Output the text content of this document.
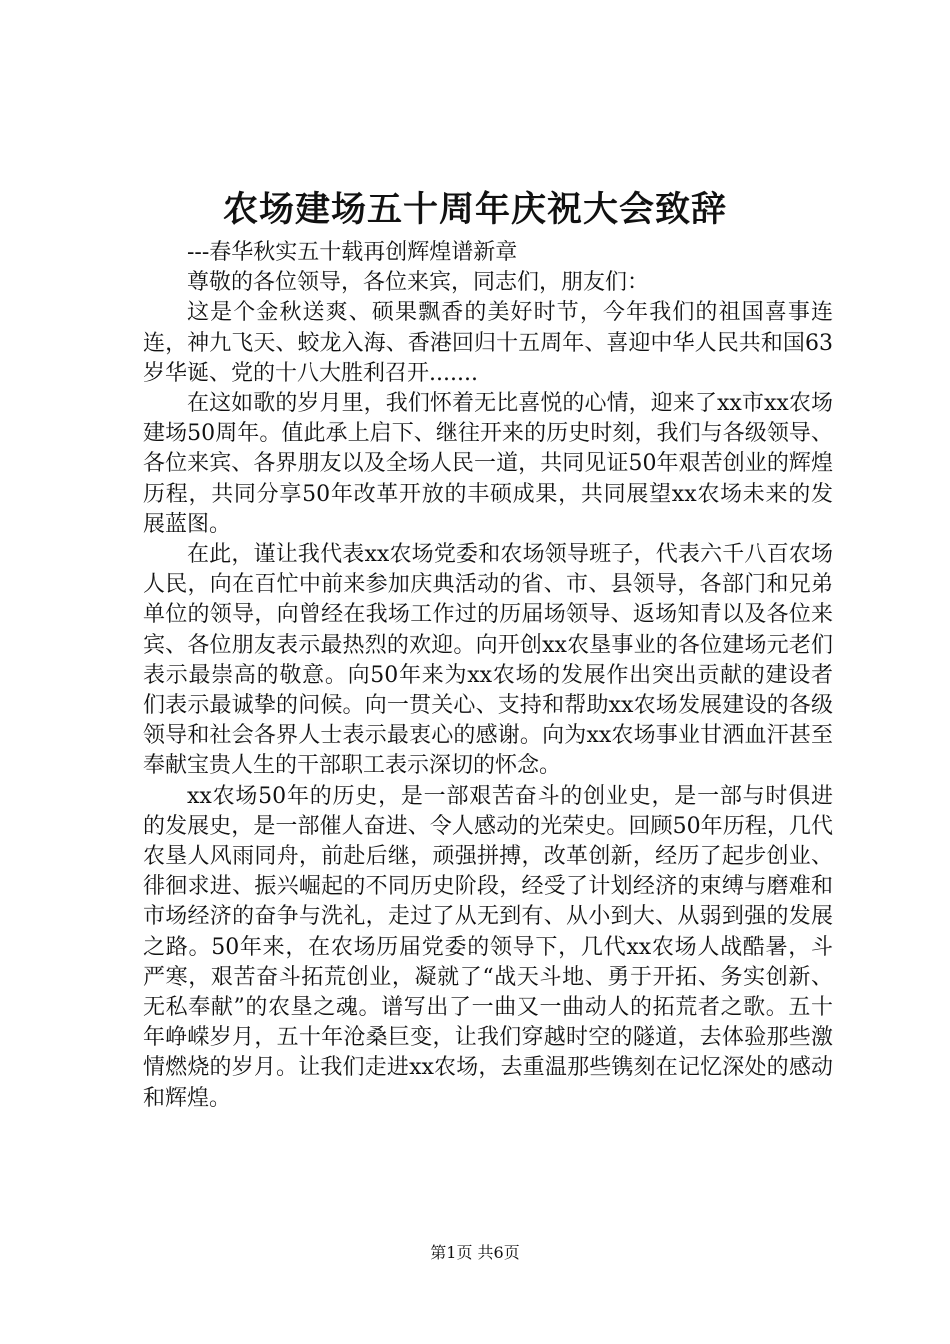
农场建场五十周年庆祝大会致辞

---春华秋实五十载再创辉煌谱新章

尊敬的各位领导，各位来宾，同志们，朋友们：

这是个金秋送爽、硕果飘香的美好时节，今年我们的祖国喜事连连，神九飞天、蛟龙入海、香港回归十五周年、喜迎中华人民共和国63岁华诞、党的十八大胜利召开.......

在这如歌的岁月里，我们怀着无比喜悦的心情，迎来了xx市xx农场建场50周年。值此承上启下、继往开来的历史时刻，我们与各级领导、各位来宾、各界朋友以及全场人民一道，共同见证50年艰苦创业的辉煌历程，共同分享50年改革开放的丰硕成果，共同展望xx农场未来的发展蓝图。

在此，谨让我代表xx农场党委和农场领导班子，代表六千八百农场人民，向在百忙中前来参加庆典活动的省、市、县领导，各部门和兄弟单位的领导，向曾经在我场工作过的历届场领导、返场知青以及各位来宾、各位朋友表示最热烈的欢迎。向开创xx农垦事业的各位建场元老们表示最崇高的敬意。向50年来为xx农场的发展作出突出贡献的建设者们表示最诚挚的问候。向一贯关心、支持和帮助xx农场发展建设的各级领导和社会各界人士表示最衷心的感谢。向为xx农场事业甘洒血汗甚至奉献宝贵人生的干部职工表示深切的怀念。

xx农场50年的历史，是一部艰苦奋斗的创业史，是一部与时俱进的发展史，是一部催人奋进、令人感动的光荣史。回顾50年历程，几代农垦人风雨同舟，前赴后继，顽强拼搏，改革创新，经历了起步创业、徘徊求进、振兴崛起的不同历史阶段，经受了计划经济的束缚与磨难和市场经济的奋争与洗礼，走过了从无到有、从小到大、从弱到强的发展之路。50年来，在农场历届党委的领导下，几代xx农场人战酷暑，斗严寒，艰苦奋斗拓荒创业，凝就了“战天斗地、勇于开拓、务实创新、无私奉献”的农垦之魂。谱写出了一曲又一曲动人的拓荒者之歌。五十年峥嵘岁月，五十年沧桑巨变，让我们穿越时空的隧道，去体验那些激情燃烧的岁月。让我们走进xx农场，去重温那些镌刻在记忆深处的感动和辉煌。

第1页 共6页
